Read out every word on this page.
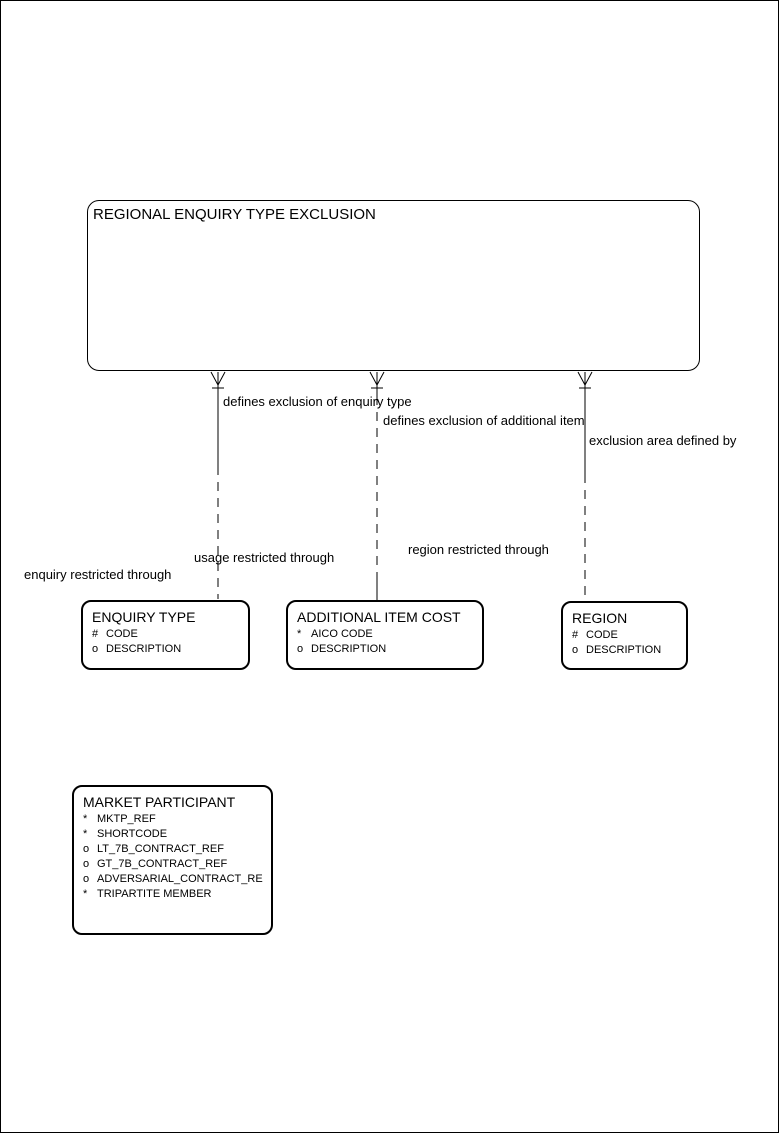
REGIONAL ENQUIRY TYPE EXCLUSION
defines exclusion of enquiry type
defines exclusion of additional item
exclusion area defined by
enquiry restricted through
usage restricted through
region restricted through
ENQUIRY TYPE
# CODE
o DESCRIPTION
ADDITIONAL ITEM COST
* AICO CODE
o DESCRIPTION
REGION
# CODE
o DESCRIPTION
MARKET PARTICIPANT
* MKTP_REF
* SHORTCODE
o LT_7B_CONTRACT_REF
o GT_7B_CONTRACT_REF
o ADVERSARIAL_CONTRACT_RE
* TRIPARTITE MEMBER
